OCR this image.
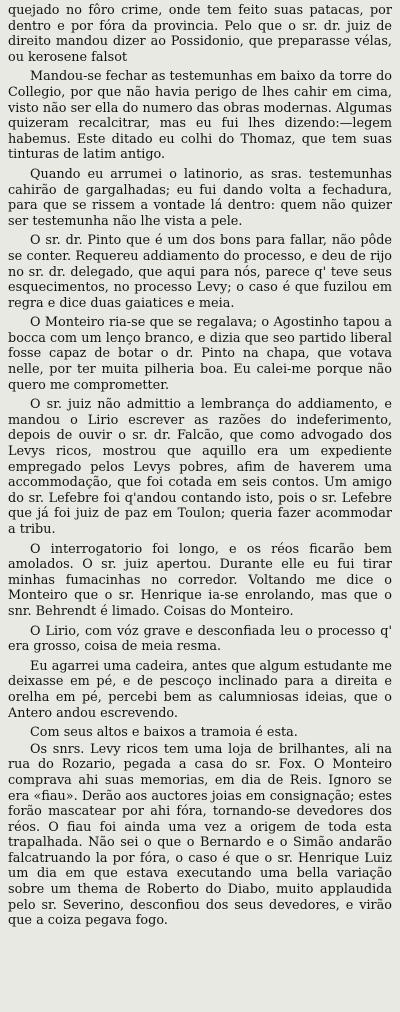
quejado no fôro crime, onde tem feito suas patacas, por dentro e por fóra da provincia. Pelo que o sr. dr. juiz de direito mandou dizer ao Possidonio, que preparasse vélas, ou kerosene falsot

Mandou-se fechar as testemunhas em baixo da torre do Collegio, por que não havia perigo de lhes cahir em cima, visto não ser ella do numero das obras modernas. Algumas quizeram recalcitrar, mas eu fui lhes dizendo:—legem habemus. Este ditado eu colhi do Thomaz, que tem suas tinturas de latim antigo.

Quando eu arrumei o latinorio, as sras. testemunhas cahirão de gargalhadas; eu fui dando volta a fechadura, para que se rissem a vontade lá dentro: quem não quizer ser testemunha não lhe vista a pele.

O sr. dr. Pinto que é um dos bons para fallar, não pôde se conter. Requereu addiamento do processo, e deu de rijo no sr. dr. delegado, que aqui para nós, parece q' teve seus esquecimentos, no processo Levy; o caso é que fuzilou em regra e dice duas gaiatices e meia.

O Monteiro ria-se que se regalava; o Agostinho tapou a bocca com um lenço branco, e dizia que seo partido liberal fosse capaz de botar o dr. Pinto na chapa, que votava nelle, por ter muita pilheria boa. Eu calei-me porque não quero me comprometter.

O sr. juiz não admittio a lembrança do addiamento, e mandou o Lirio escrever as razões do indeferimento, depois de ouvir o sr. dr. Falcão, que como advogado dos Levys ricos, mostrou que aquillo era um expediente empregado pelos Levys pobres, afim de haverem uma accommodação, que foi cotada em seis contos. Um amigo do sr. Lefebre foi q'andou contando isto, pois o sr. Lefebre que já foi juiz de paz em Toulon; queria fazer acommodar a tribu.

O interrogatorio foi longo, e os réos ficarão bem amolados. O sr. juiz apertou. Durante elle eu fui tirar minhas fumacinhas no corredor. Voltando me dice o Monteiro que o sr. Henrique ia-se enrolando, mas que o snr. Behrendt é limado. Coisas do Monteiro.

O Lirio, com vóz grave e desconfiada leu o processo q' era grosso, coisa de meia resma.

Eu agarrei uma cadeira, antes que algum estudante me deixasse em pé, e de pescoço inclinado para a direita e orelha em pé, percebi bem as calumniosas ideias, que o Antero andou escrevendo.

Com seus altos e baixos a tramoia é esta.

Os snrs. Levy ricos tem uma loja de brilhantes, ali na rua do Rozario, pegada a casa do sr. Fox. O Monteiro comprava ahi suas memorias, em dia de Reis. Ignoro se era «fiau». Derão aos auctores joias em consignação; estes forão mascatear por ahi fóra, tornando-se devedores dos réos. O fiau foi ainda uma vez a origem de toda esta trapalhada. Não sei o que o Bernardo e o Simão andarão falcatruando la por fóra, o caso é que o sr. Henrique Luiz um dia em que estava executando uma bella variação sobre um thema de Roberto do Diabo, muito applaudida pelo sr. Severino, desconfiou dos seus devedores, e virão que a coiza pegava fogo.
